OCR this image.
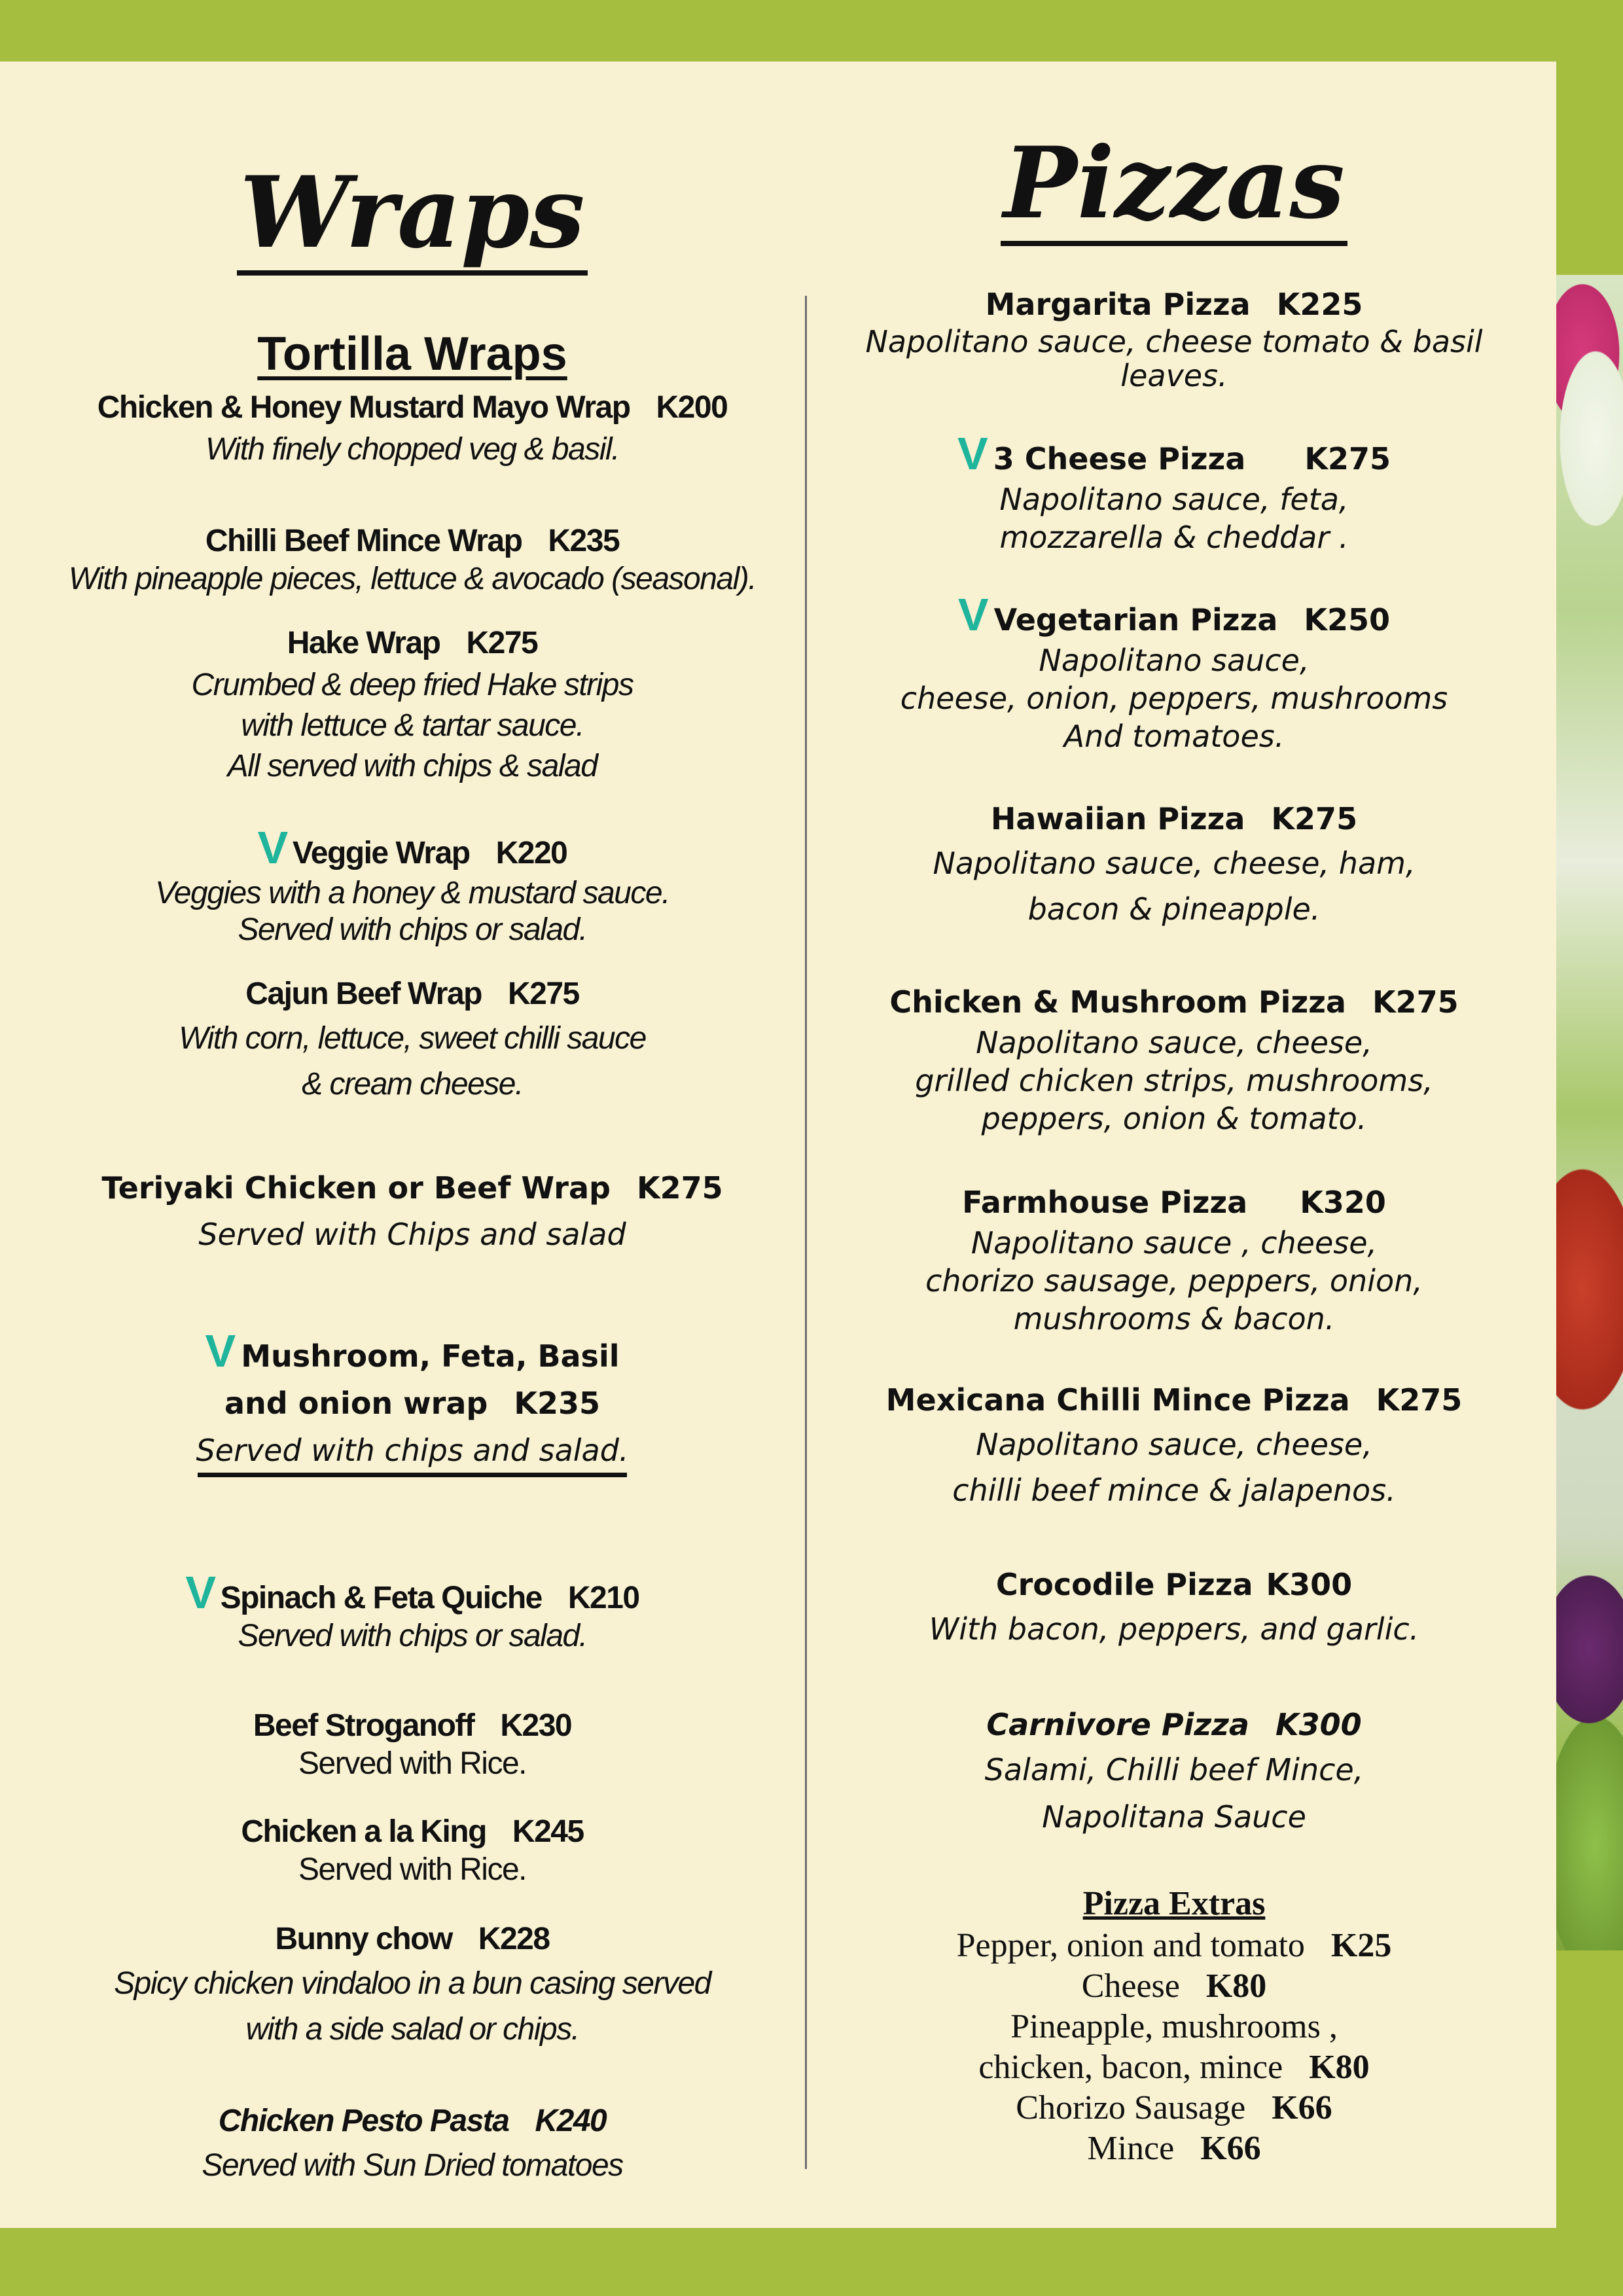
Wraps
Tortilla Wraps
Chicken & Honey Mustard Mayo Wrap K200
With finely chopped veg & basil.
Chilli Beef Mince Wrap K235
With pineapple pieces, lettuce & avocado (seasonal).
Hake Wrap K275
Crumbed & deep fried Hake strips
with lettuce & tartar sauce.
All served with chips & salad
V Veggie Wrap K220
Veggies with a honey & mustard sauce.
Served with chips or salad.
Cajun Beef Wrap K275
With corn, lettuce, sweet chilli sauce
& cream cheese.
Teriyaki Chicken or Beef Wrap K275
Served with Chips and salad
V Mushroom, Feta, Basil
and onion wrap K235
Served with chips and salad.
V Spinach & Feta Quiche K210
Served with chips or salad.
Beef Stroganoff K230
Served with Rice.
Chicken a la King K245
Served with Rice.
Bunny chow K228
Spicy chicken vindaloo in a bun casing served
with a side salad or chips.
Chicken Pesto Pasta K240
Served with Sun Dried tomatoes
Pizzas
Margarita Pizza K225
Napolitano sauce, cheese tomato & basil
leaves.
V 3 Cheese Pizza K275
Napolitano sauce, feta,
mozzarella & cheddar .
V Vegetarian Pizza K250
Napolitano sauce,
cheese, onion, peppers, mushrooms
And tomatoes.
Hawaiian Pizza K275
Napolitano sauce, cheese, ham,
bacon & pineapple.
Chicken & Mushroom Pizza K275
Napolitano sauce, cheese,
grilled chicken strips, mushrooms,
peppers, onion & tomato.
Farmhouse Pizza K320
Napolitano sauce , cheese,
chorizo sausage, peppers, onion,
mushrooms & bacon.
Mexicana Chilli Mince Pizza K275
Napolitano sauce, cheese,
chilli beef mince & jalapenos.
Crocodile Pizza K300
With bacon, peppers, and garlic.
Carnivore Pizza K300
Salami, Chilli beef Mince,
Napolitana Sauce
Pizza Extras
Pepper, onion and tomato K25
Cheese K80
Pineapple, mushrooms ,
chicken, bacon, mince K80
Chorizo Sausage K66
Mince K66
